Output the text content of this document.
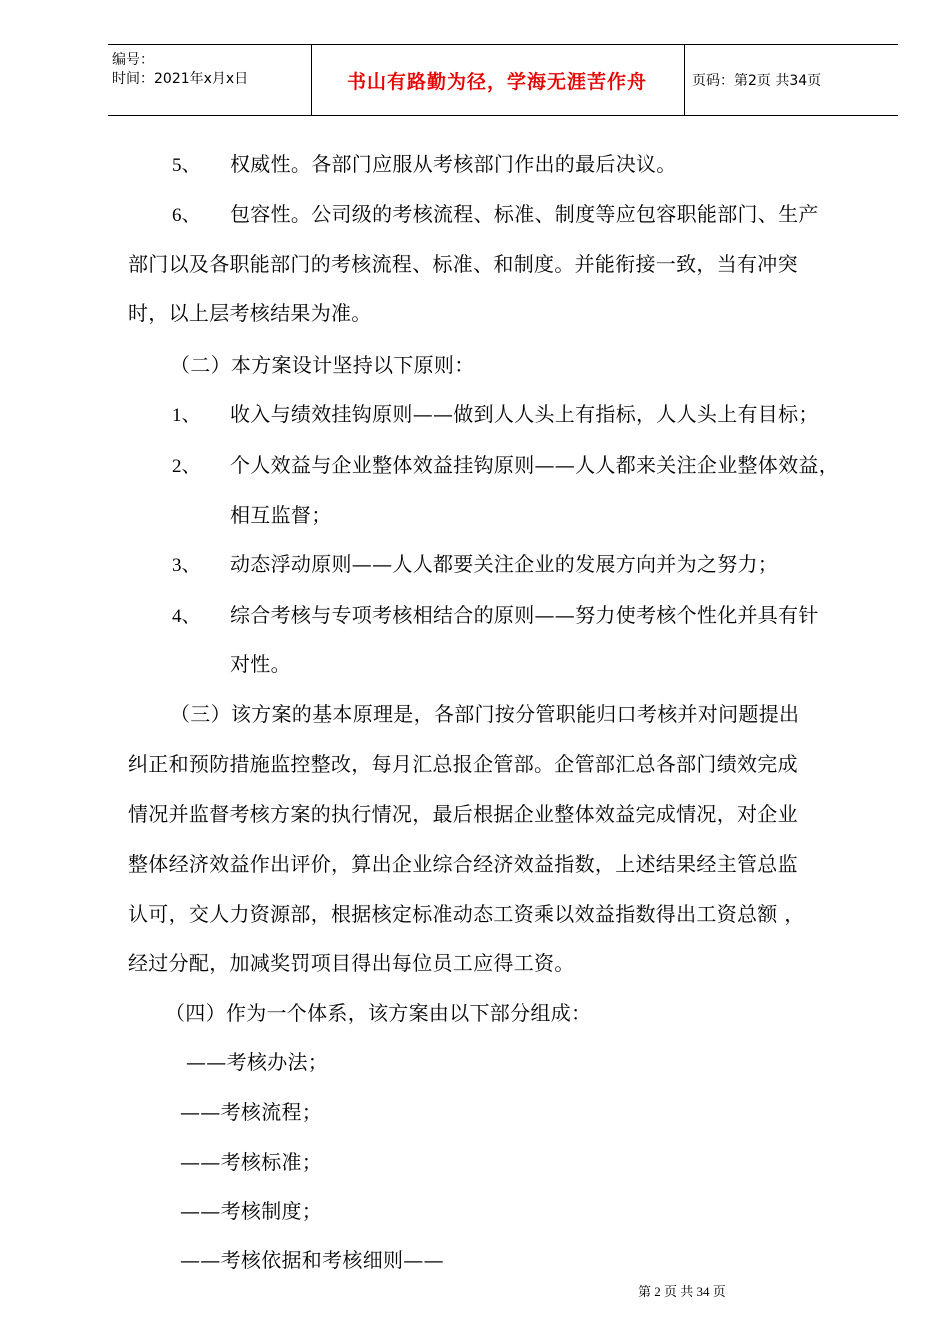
编号：
时间：2021年x月x日	书山有路勤为径，学海无涯苦作舟	页码：第2页 共34页
5、 权威性。各部门应服从考核部门作出的最后决议。
6、 包容性。公司级的考核流程、标准、制度等应包容职能部门、生产
部门以及各职能部门的考核流程、标准、和制度。并能衔接一致，当有冲突
时，以上层考核结果为准。
（二）本方案设计坚持以下原则：
1、 收入与绩效挂钩原则——做到人人头上有指标，人人头上有目标；
2、 个人效益与企业整体效益挂钩原则——人人都来关注企业整体效益，
相互监督；
3、 动态浮动原则——人人都要关注企业的发展方向并为之努力；
4、 综合考核与专项考核相结合的原则——努力使考核个性化并具有针
对性。
（三）该方案的基本原理是，各部门按分管职能归口考核并对问题提出
纠正和预防措施监控整改，每月汇总报企管部。企管部汇总各部门绩效完成
情况并监督考核方案的执行情况，最后根据企业整体效益完成情况，对企业
整体经济效益作出评价，算出企业综合经济效益指数，上述结果经主管总监
认可，交人力资源部，根据核定标准动态工资乘以效益指数得出工资总额 ，
经过分配，加减奖罚项目得出每位员工应得工资。
（四）作为一个体系，该方案由以下部分组成：
——考核办法；
——考核流程；
——考核标准；
——考核制度；
——考核依据和考核细则——
第 2 页 共 34 页
